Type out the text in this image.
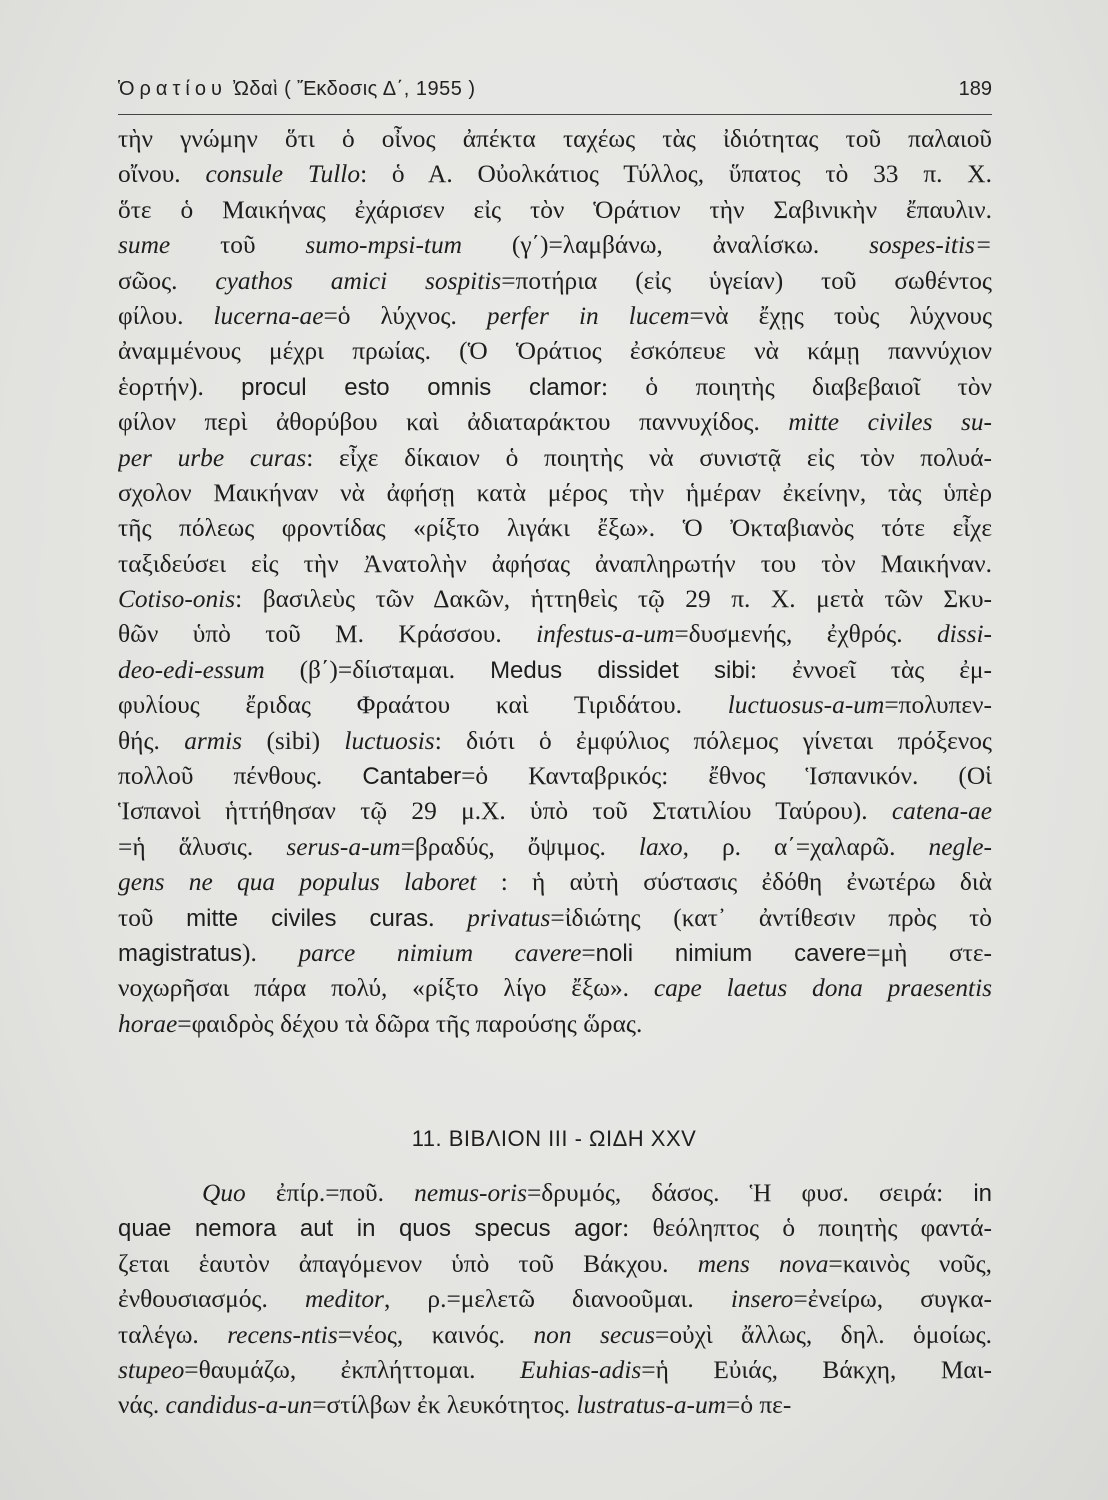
Ὁρατίου Ὠδαὶ ( Ἔκδοσις Δ΄, 1955 )	189
τὴν γνώμην ὅτι ὁ οἶνος ἀπέκτα ταχέως τὰς ἰδιότητας τοῦ παλαιοῦ
οἴνου. consule Tullo: ὁ Α. Οὐολκάτιος Τύλλος, ὕπατος τὸ 33 π. Χ.
ὅτε ὁ Μαικήνας ἐχάρισεν εἰς τὸν Ὁράτιον τὴν Σαβινικὴν ἔπαυλιν.
sume τοῦ sumo-mpsi-tum (γ΄)=λαμβάνω, ἀναλίσκω. sospes-itis=
σῶος. cyathos amici sospitis=ποτήρια (εἰς ὑγείαν) τοῦ σωθέντος
φίλου. lucerna-ae=ὁ λύχνος. perfer in lucem=νὰ ἔχῃς τοὺς λύχνους
ἀναμμένους μέχρι πρωίας. (Ὁ Ὁράτιος ἐσκόπευε νὰ κάμῃ παννύχιον
ἑορτήν). procul esto omnis clamor: ὁ ποιητὴς διαβεβαιοῖ τὸν
φίλον περὶ ἀθορύβου καὶ ἀδιαταράκτου παννυχίδος. mitte civiles su-
per urbe curas: εἶχε δίκαιον ὁ ποιητὴς νὰ συνιστᾷ εἰς τὸν πολυά-
σχολον Μαικήναν νὰ ἀφήσῃ κατὰ μέρος τὴν ἡμέραν ἐκείνην, τὰς ὑπὲρ
τῆς πόλεως φροντίδας «ρίξτο λιγάκι ἔξω». Ὁ Ὀκταβιανὸς τότε εἶχε
ταξιδεύσει εἰς τὴν Ἀνατολὴν ἀφήσας ἀναπληρωτήν του τὸν Μαικήναν.
Cotiso-onis: βασιλεὺς τῶν Δακῶν, ἡττηθεὶς τῷ 29 π. Χ. μετὰ τῶν Σκυ-
θῶν ὑπὸ τοῦ Μ. Κράσσου. infestus-a-um=δυσμενής, ἐχθρός. dissi-
deo-edi-essum (β΄)=δίισταμαι. Medus dissidet sibi: ἐννοεῖ τὰς ἐμ-
φυλίους ἔριδας Φραάτου καὶ Τιριδάτου. luctuosus-a-um=πολυπεν-
θής. armis (sibi) luctuosis: διότι ὁ ἐμφύλιος πόλεμος γίνεται πρόξενος
πολλοῦ πένθους. Cantaber=ὁ Κανταβρικός: ἔθνος Ἱσπανικόν. (Οἱ
Ἱσπανοὶ ἡττήθησαν τῷ 29 μ.Χ. ὑπὸ τοῦ Στατιλίου Ταύρου). catena-ae
=ἡ ἅλυσις. serus-a-um=βραδύς, ὄψιμος. laxo, ρ. α΄=χαλαρῶ. negle-
gens ne qua populus laboret : ἡ αὐτὴ σύστασις ἐδόθη ἐνωτέρω διὰ
τοῦ mitte civiles curas. privatus=ἰδιώτης (κατ᾽ ἀντίθεσιν πρὸς τὸ
magistratus). parce nimium cavere=noli nimium cavere=μὴ στε-
νοχωρῆσαι πάρα πολύ, «ρίξτο λίγο ἔξω». cape laetus dona praesentis
horae=φαιδρὸς δέχου τὰ δῶρα τῆς παρούσης ὥρας.
11. ΒΙΒΛΙΟΝ III - ΩΙΔΗ XXV
Quo ἐπίρ.=ποῦ. nemus-oris=δρυμός, δάσος. Ἡ φυσ. σειρά: in
quae nemora aut in quos specus agor: θεόληπτος ὁ ποιητὴς φαντά-
ζεται ἑαυτὸν ἀπαγόμενον ὑπὸ τοῦ Βάκχου. mens nova=καινὸς νοῦς,
ἐνθουσιασμός. meditor, ρ.=μελετῶ διανοοῦμαι. insero=ἐνείρω, συγκα-
ταλέγω. recens-ntis=νέος, καινός. non secus=οὐχὶ ἄλλως, δηλ. ὁμοίως.
stupeo=θαυμάζω, ἐκπλήττομαι. Euhias-adis=ἡ Εὐιάς, Βάκχη, Μαι-
νάς. candidus-a-un=στίλβων ἐκ λευκότητος. lustratus-a-um=ὁ πε-
